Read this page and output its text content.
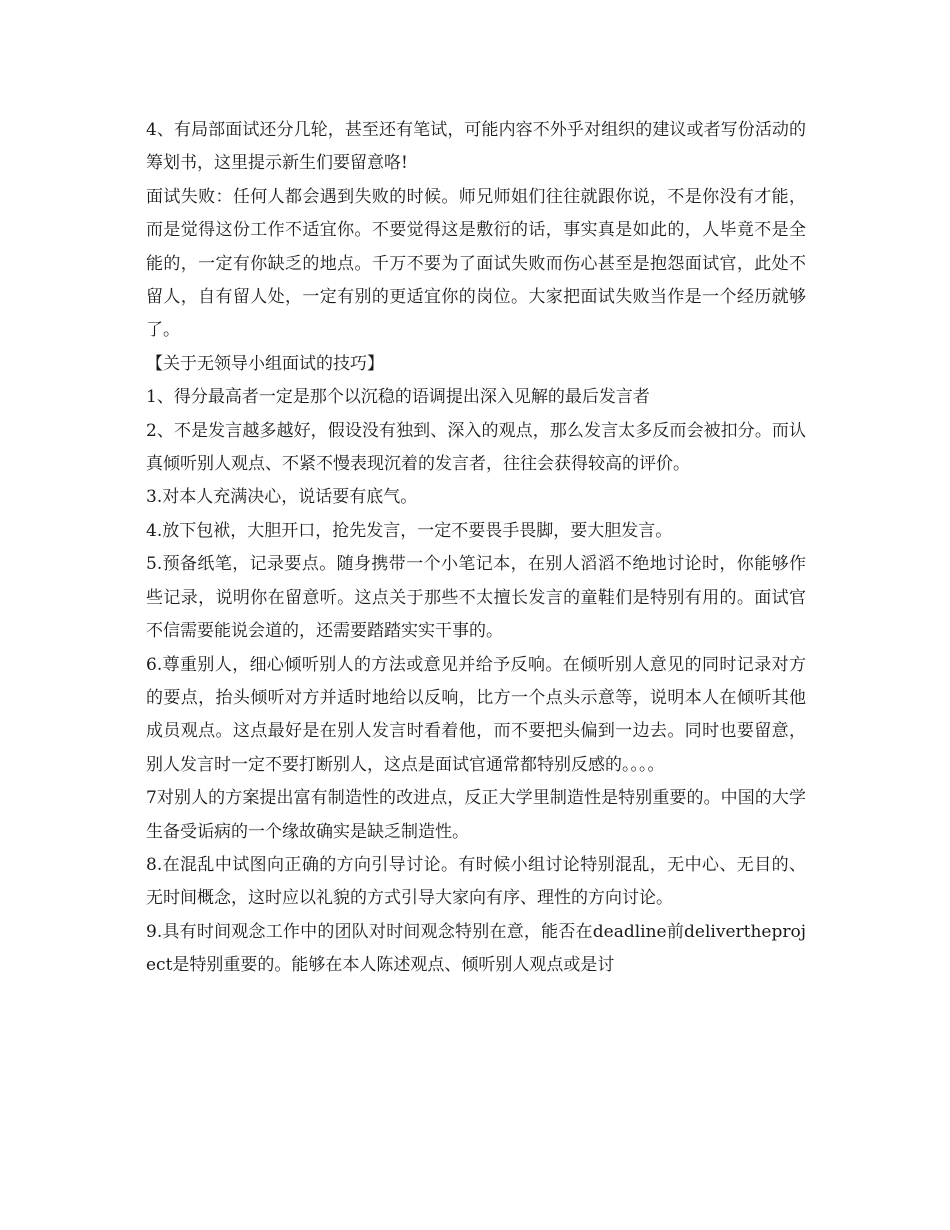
4、有局部面试还分几轮，甚至还有笔试，可能内容不外乎对组织的建议或者写份活动的筹划书，这里提示新生们要留意咯!

面试失败：任何人都会遇到失败的时候。师兄师姐们往往就跟你说，不是你没有才能，而是觉得这份工作不适宜你。不要觉得这是敷衍的话，事实真是如此的，人毕竟不是全能的，一定有你缺乏的地点。千万不要为了面试失败而伤心甚至是抱怨面试官，此处不留人，自有留人处，一定有别的更适宜你的岗位。大家把面试失败当作是一个经历就够了。

【关于无领导小组面试的技巧】

1、得分最高者一定是那个以沉稳的语调提出深入见解的最后发言者

2、不是发言越多越好，假设没有独到、深入的观点，那么发言太多反而会被扣分。而认真倾听别人观点、不紧不慢表现沉着的发言者，往往会获得较高的评价。

3.对本人充满决心，说话要有底气。

4.放下包袱，大胆开口，抢先发言，一定不要畏手畏脚，要大胆发言。

5.预备纸笔，记录要点。随身携带一个小笔记本，在别人滔滔不绝地讨论时，你能够作些记录，说明你在留意听。这点关于那些不太擅长发言的童鞋们是特别有用的。面试官不信需要能说会道的，还需要踏踏实实干事的。

6.尊重别人，细心倾听别人的方法或意见并给予反响。在倾听别人意见的同时记录对方的要点，抬头倾听对方并适时地给以反响，比方一个点头示意等，说明本人在倾听其他成员观点。这点最好是在别人发言时看着他，而不要把头偏到一边去。同时也要留意，别人发言时一定不要打断别人，这点是面试官通常都特别反感的。。。。

7对别人的方案提出富有制造性的改进点，反正大学里制造性是特别重要的。中国的大学生备受诟病的一个缘故确实是缺乏制造性。

8.在混乱中试图向正确的方向引导讨论。有时候小组讨论特别混乱，无中心、无目的、无时间概念，这时应以礼貌的方式引导大家向有序、理性的方向讨论。

9.具有时间观念工作中的团队对时间观念特别在意，能否在deadline前delivertheproject是特别重要的。能够在本人陈述观点、倾听别人观点或是讨
